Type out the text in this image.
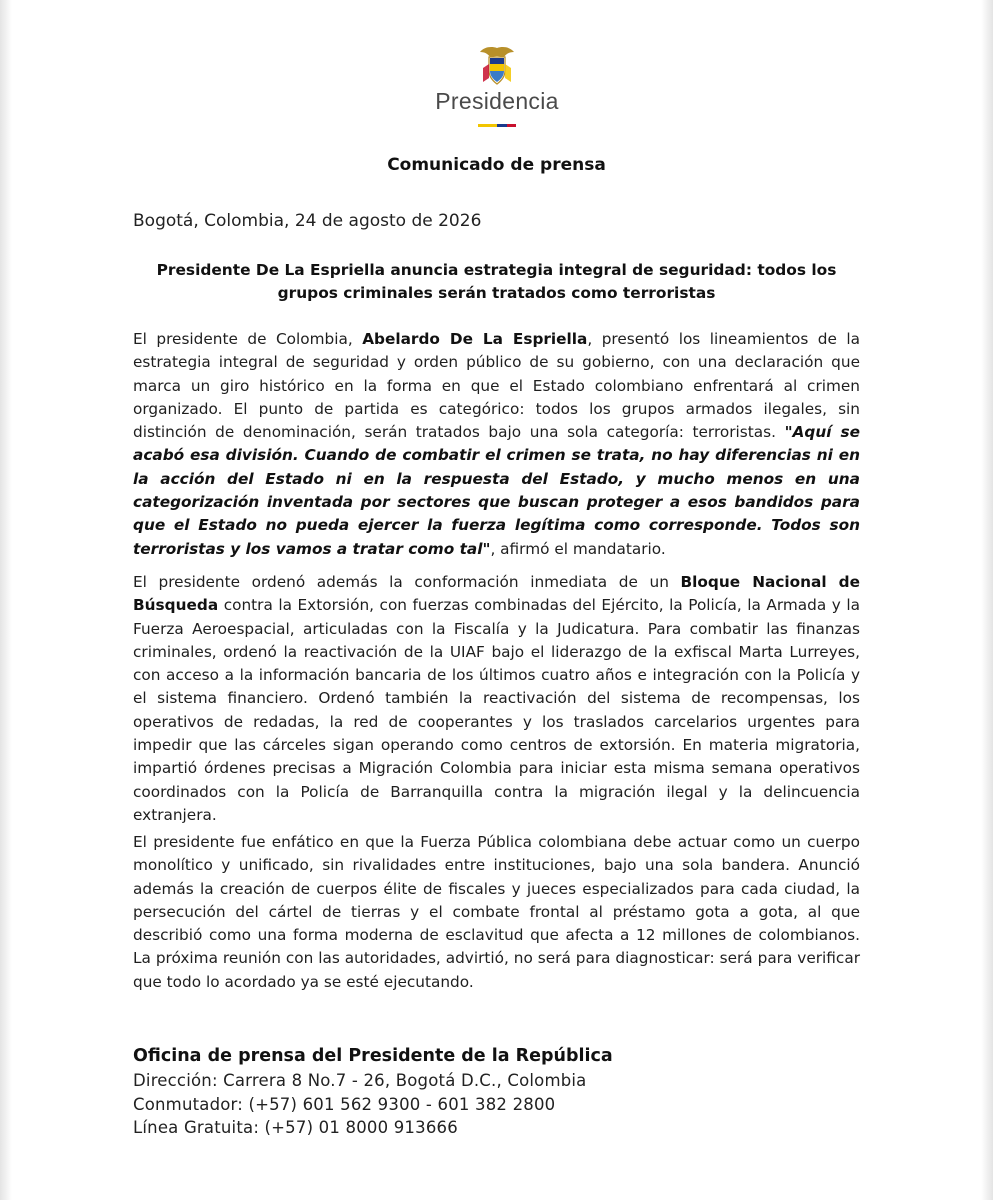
Presidencia
Comunicado de prensa
Bogotá, Colombia, 24 de agosto de 2026
Presidente De La Espriella anuncia estrategia integral de seguridad: todos los grupos criminales serán tratados como terroristas
El presidente de Colombia, Abelardo De La Espriella, presentó los lineamientos de la estrategia integral de seguridad y orden público de su gobierno, con una declaración que marca un giro histórico en la forma en que el Estado colombiano enfrentará al crimen organizado. El punto de partida es categórico: todos los grupos armados ilegales, sin distinción de denominación, serán tratados bajo una sola categoría: terroristas. "Aquí se acabó esa división. Cuando de combatir el crimen se trata, no hay diferencias ni en la acción del Estado ni en la respuesta del Estado, y mucho menos en una categorización inventada por sectores que buscan proteger a esos bandidos para que el Estado no pueda ejercer la fuerza legítima como corresponde. Todos son terroristas y los vamos a tratar como tal", afirmó el mandatario.
El presidente ordenó además la conformación inmediata de un Bloque Nacional de Búsqueda contra la Extorsión, con fuerzas combinadas del Ejército, la Policía, la Armada y la Fuerza Aeroespacial, articuladas con la Fiscalía y la Judicatura. Para combatir las finanzas criminales, ordenó la reactivación de la UIAF bajo el liderazgo de la exfiscal Marta Lurreyes, con acceso a la información bancaria de los últimos cuatro años e integración con la Policía y el sistema financiero. Ordenó también la reactivación del sistema de recompensas, los operativos de redadas, la red de cooperantes y los traslados carcelarios urgentes para impedir que las cárceles sigan operando como centros de extorsión. En materia migratoria, impartió órdenes precisas a Migración Colombia para iniciar esta misma semana operativos coordinados con la Policía de Barranquilla contra la migración ilegal y la delincuencia extranjera.
El presidente fue enfático en que la Fuerza Pública colombiana debe actuar como un cuerpo monolítico y unificado, sin rivalidades entre instituciones, bajo una sola bandera. Anunció además la creación de cuerpos élite de fiscales y jueces especializados para cada ciudad, la persecución del cártel de tierras y el combate frontal al préstamo gota a gota, al que describió como una forma moderna de esclavitud que afecta a 12 millones de colombianos. La próxima reunión con las autoridades, advirtió, no será para diagnosticar: será para verificar que todo lo acordado ya se esté ejecutando.
Oficina de prensa del Presidente de la República
Dirección: Carrera 8 No.7 - 26, Bogotá D.C., Colombia
Conmutador: (+57) 601 562 9300 - 601 382 2800
Línea Gratuita: (+57) 01 8000 913666
